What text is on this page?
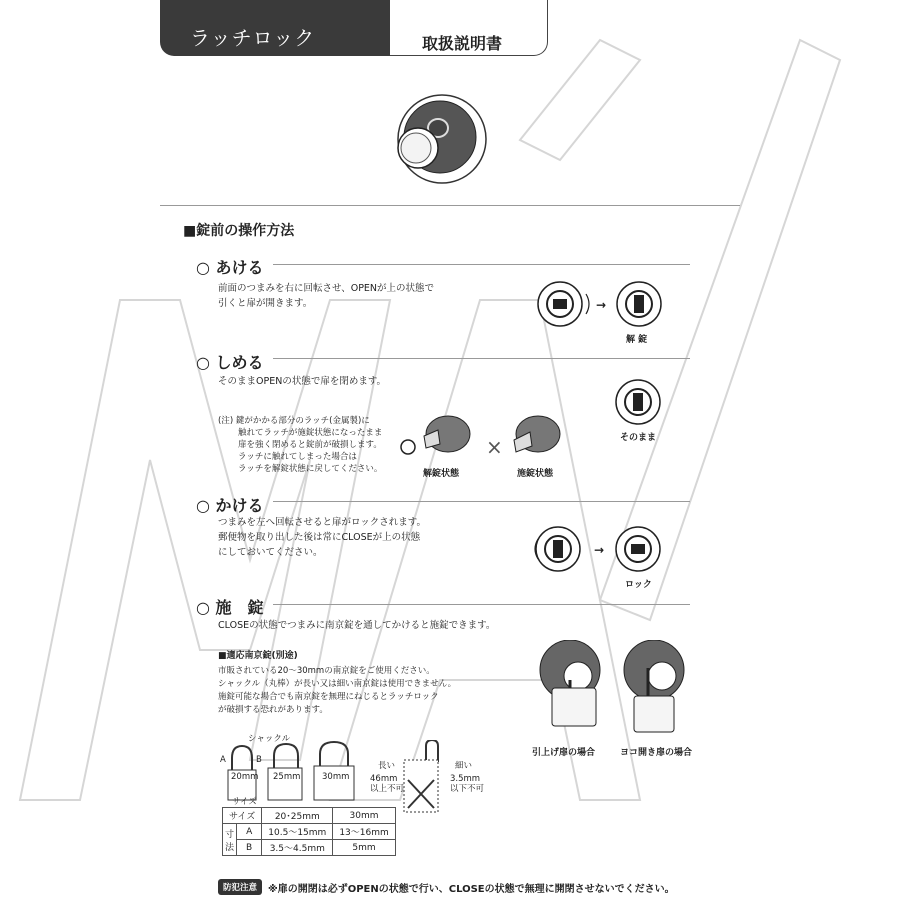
ラッチロック	取扱説明書
■錠前の操作方法
○ あける
前面のつまみを右に回転させ、OPENが上の状態で
引くと扉が開きます。	→
解 錠
○ しめる
そのままOPENの状態で扉を閉めます。
そのまま
(注) 鍵がかかる部分のラッチ(金属製)に
触れてラッチが施錠状態になったまま
扉を強く閉めると錠前が破損します。
ラッチに触れてしまった場合は
ラッチを解錠状態に戻してください。
×
解錠状態	施錠状態
○ かける
つまみを左へ回転させると扉がロックされます。
郵便物を取り出した後は常にCLOSEが上の状態
にしておいてください。	→
ロック
○ 施　錠
CLOSEの状態でつまみに南京錠を通してかけると施錠できます。
■適応南京錠(別途)
市販されている20～30mmの南京錠をご使用ください。
シャックル（丸棒）が長い又は細い南京錠は使用できません。
施錠可能な場合でも南京錠を無理にねじるとラッチロック
が破損する恐れがあります。
引上げ扉の場合	ヨコ開き扉の場合
シャックル
A	B
20mm 25mm	30mm
サイズ
長い
46mm
以上不可
細い
3.5mm
以下不可
サイズ		20･25mm	30mm
寸法	A	10.5～15mm	13～16mm
	B	3.5～4.5mm	5mm
防犯注意	※扉の開閉は必ずOPENの状態で行い、CLOSEの状態で無理に開閉させないでください。
